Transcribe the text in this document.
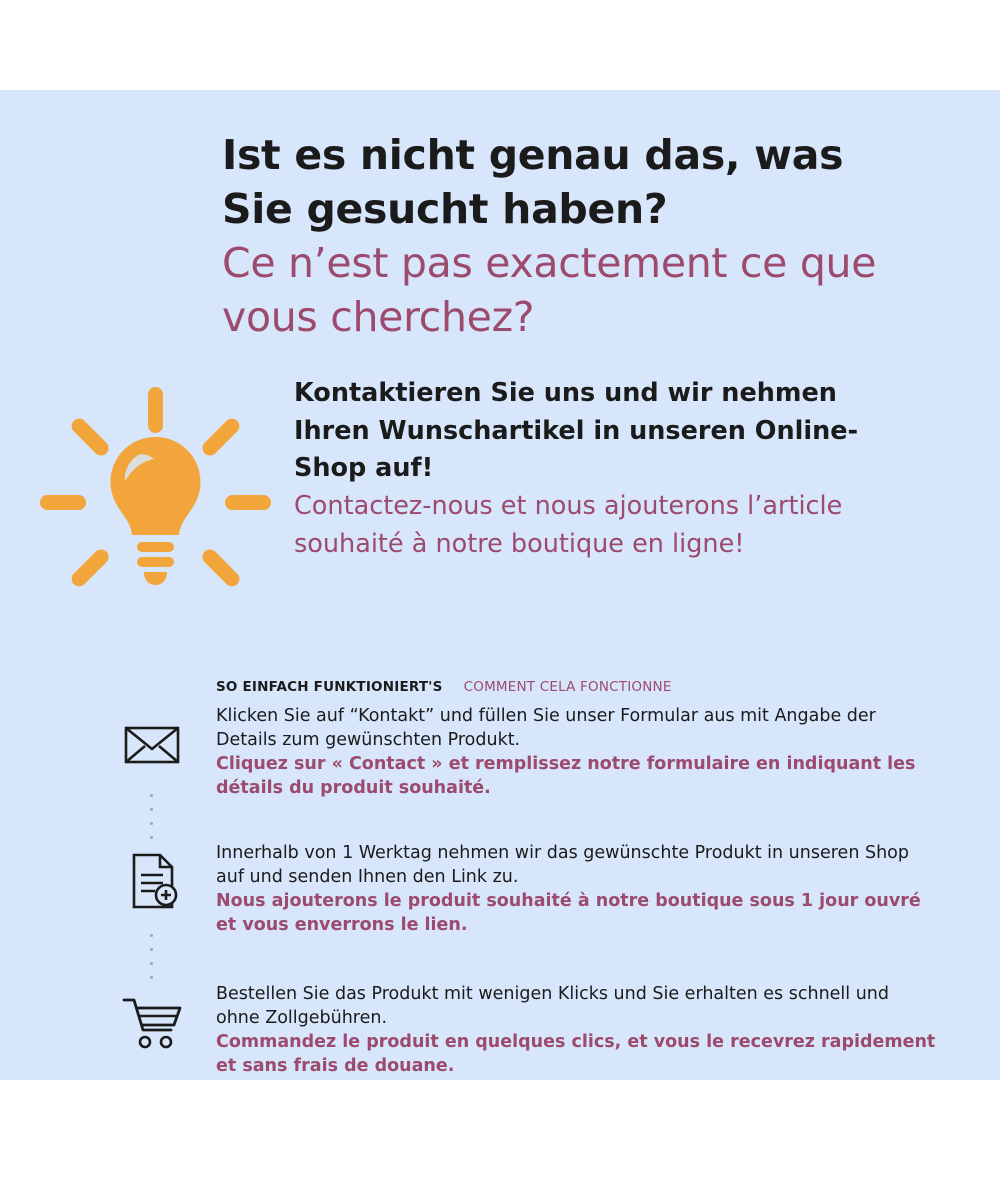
Ist es nicht genau das, was Sie gesucht haben?

Ce n’est pas exactement ce que vous cherchez?

Kontaktieren Sie uns und wir nehmen Ihren Wunschartikel in unseren Online-Shop auf!

Contactez-nous et nous ajouterons l’article souhaité à notre boutique en ligne!

SO EINFACH FUNKTIONIERT'S COMMENT CELA FONCTIONNE

Klicken Sie auf “Kontakt” und füllen Sie unser Formular aus mit Angabe der Details zum gewünschten Produkt.

Cliquez sur « Contact » et remplissez notre formulaire en indiquant les détails du produit souhaité.

Innerhalb von 1 Werktag nehmen wir das gewünschte Produkt in unseren Shop auf und senden Ihnen den Link zu.

Nous ajouterons le produit souhaité à notre boutique sous 1 jour ouvré et vous enverrons le lien.

Bestellen Sie das Produkt mit wenigen Klicks und Sie erhalten es schnell und ohne Zollgebühren.

Commandez le produit en quelques clics, et vous le recevrez rapidement et sans frais de douane.
